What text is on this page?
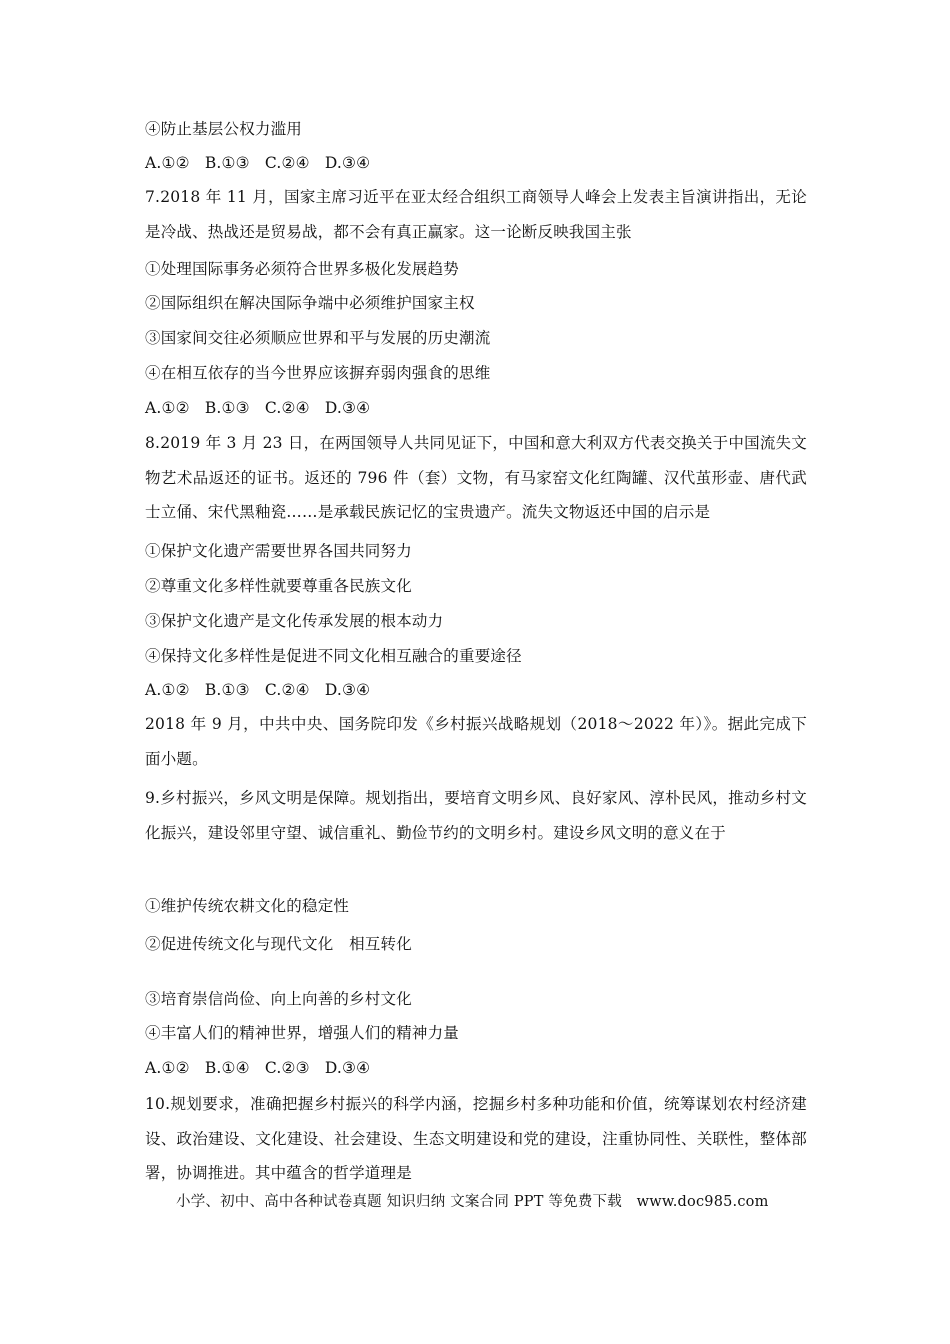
④防止基层公权力滥用
A.①② B.①③ C.②④ D.③④
7.2018 年 11 月，国家主席习近平在亚太经合组织工商领导人峰会上发表主旨演讲指出，无论是冷战、热战还是贸易战，都不会有真正赢家。这一论断反映我国主张
①处理国际事务必须符合世界多极化发展趋势
②国际组织在解决国际争端中必须维护国家主权
③国家间交往必须顺应世界和平与发展的历史潮流
④在相互依存的当今世界应该摒弃弱肉强食的思维
A.①② B.①③ C.②④ D.③④
8.2019 年 3 月 23 日，在两国领导人共同见证下，中国和意大利双方代表交换关于中国流失文物艺术品返还的证书。返还的 796 件（套）文物，有马家窑文化红陶罐、汉代茧形壶、唐代武士立俑、宋代黑釉瓷……是承载民族记忆的宝贵遗产。流失文物返还中国的启示是
①保护文化遗产需要世界各国共同努力
②尊重文化多样性就要尊重各民族文化
③保护文化遗产是文化传承发展的根本动力
④保持文化多样性是促进不同文化相互融合的重要途径
A.①② B.①③ C.②④ D.③④
2018 年 9 月，中共中央、国务院印发《乡村振兴战略规划（2018～2022 年）》。据此完成下面小题。
9.乡村振兴，乡风文明是保障。规划指出，要培育文明乡风、良好家风、淳朴民风，推动乡村文化振兴，建设邻里守望、诚信重礼、勤俭节约的文明乡村。建设乡风文明的意义在于
①维护传统农耕文化的稳定性
②促进传统文化与现代文化　相互转化
③培育崇信尚俭、向上向善的乡村文化
④丰富人们的精神世界，增强人们的精神力量
A.①② B.①④ C.②③ D.③④
10.规划要求，准确把握乡村振兴的科学内涵，挖掘乡村多种功能和价值，统筹谋划农村经济建设、政治建设、文化建设、社会建设、生态文明建设和党的建设，注重协同性、关联性，整体部署，协调推进。其中蕴含的哲学道理是
小学、初中、高中各种试卷真题 知识归纳 文案合同 PPT 等免费下载　www.doc985.com
